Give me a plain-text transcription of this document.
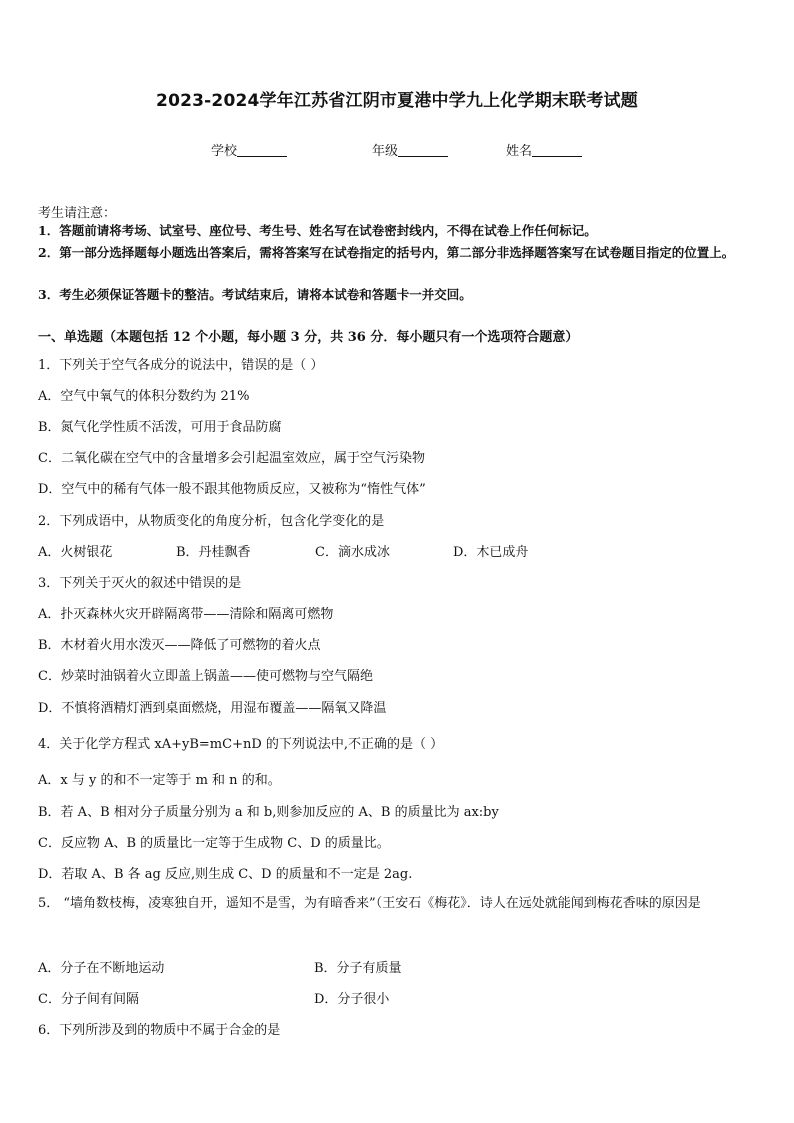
2023-2024学年江苏省江阴市夏港中学九上化学期末联考试题
学校	年级	姓名
考生请注意：
1．答题前请将考场、试室号、座位号、考生号、姓名写在试卷密封线内，不得在试卷上作任何标记。
2．第一部分选择题每小题选出答案后，需将答案写在试卷指定的括号内，第二部分非选择题答案写在试卷题目指定的位置上。
3．考生必须保证答题卡的整洁。考试结束后，请将本试卷和答题卡一并交回。
一、单选题（本题包括 12 个小题，每小题 3 分，共 36 分．每小题只有一个选项符合题意）
1．下列关于空气各成分的说法中，错误的是（ ）
A．空气中氧气的体积分数约为 21%
B．氮气化学性质不活泼，可用于食品防腐
C．二氧化碳在空气中的含量增多会引起温室效应，属于空气污染物
D．空气中的稀有气体一般不跟其他物质反应，又被称为“惰性气体”
2．下列成语中，从物质变化的角度分析，包含化学变化的是
A．火树银花	B．丹桂飘香	C．滴水成冰	D．木已成舟
3．下列关于灭火的叙述中错误的是
A．扑灭森林火灾开辟隔离带——清除和隔离可燃物
B．木材着火用水泼灭——降低了可燃物的着火点
C．炒菜时油锅着火立即盖上锅盖——使可燃物与空气隔绝
D．不慎将酒精灯洒到桌面燃烧，用湿布覆盖——隔氧又降温
4．关于化学方程式 xA+yB=mC+nD 的下列说法中,不正确的是（ ）
A．x 与 y 的和不一定等于 m 和 n 的和。
B．若 A、B 相对分子质量分别为 a 和 b,则参加反应的 A、B 的质量比为 ax:by
C．反应物 A、B 的质量比一定等于生成物 C、D 的质量比。
D．若取 A、B 各 ag 反应,则生成 C、D 的质量和不一定是 2ag.
5． “墙角数枝梅，凌寒独自开，遥知不是雪，为有暗香来”（王安石《梅花》．诗人在远处就能闻到梅花香味的原因是
A．分子在不断地运动	B．分子有质量
C．分子间有间隔	D．分子很小
6．下列所涉及到的物质中不属于合金的是
